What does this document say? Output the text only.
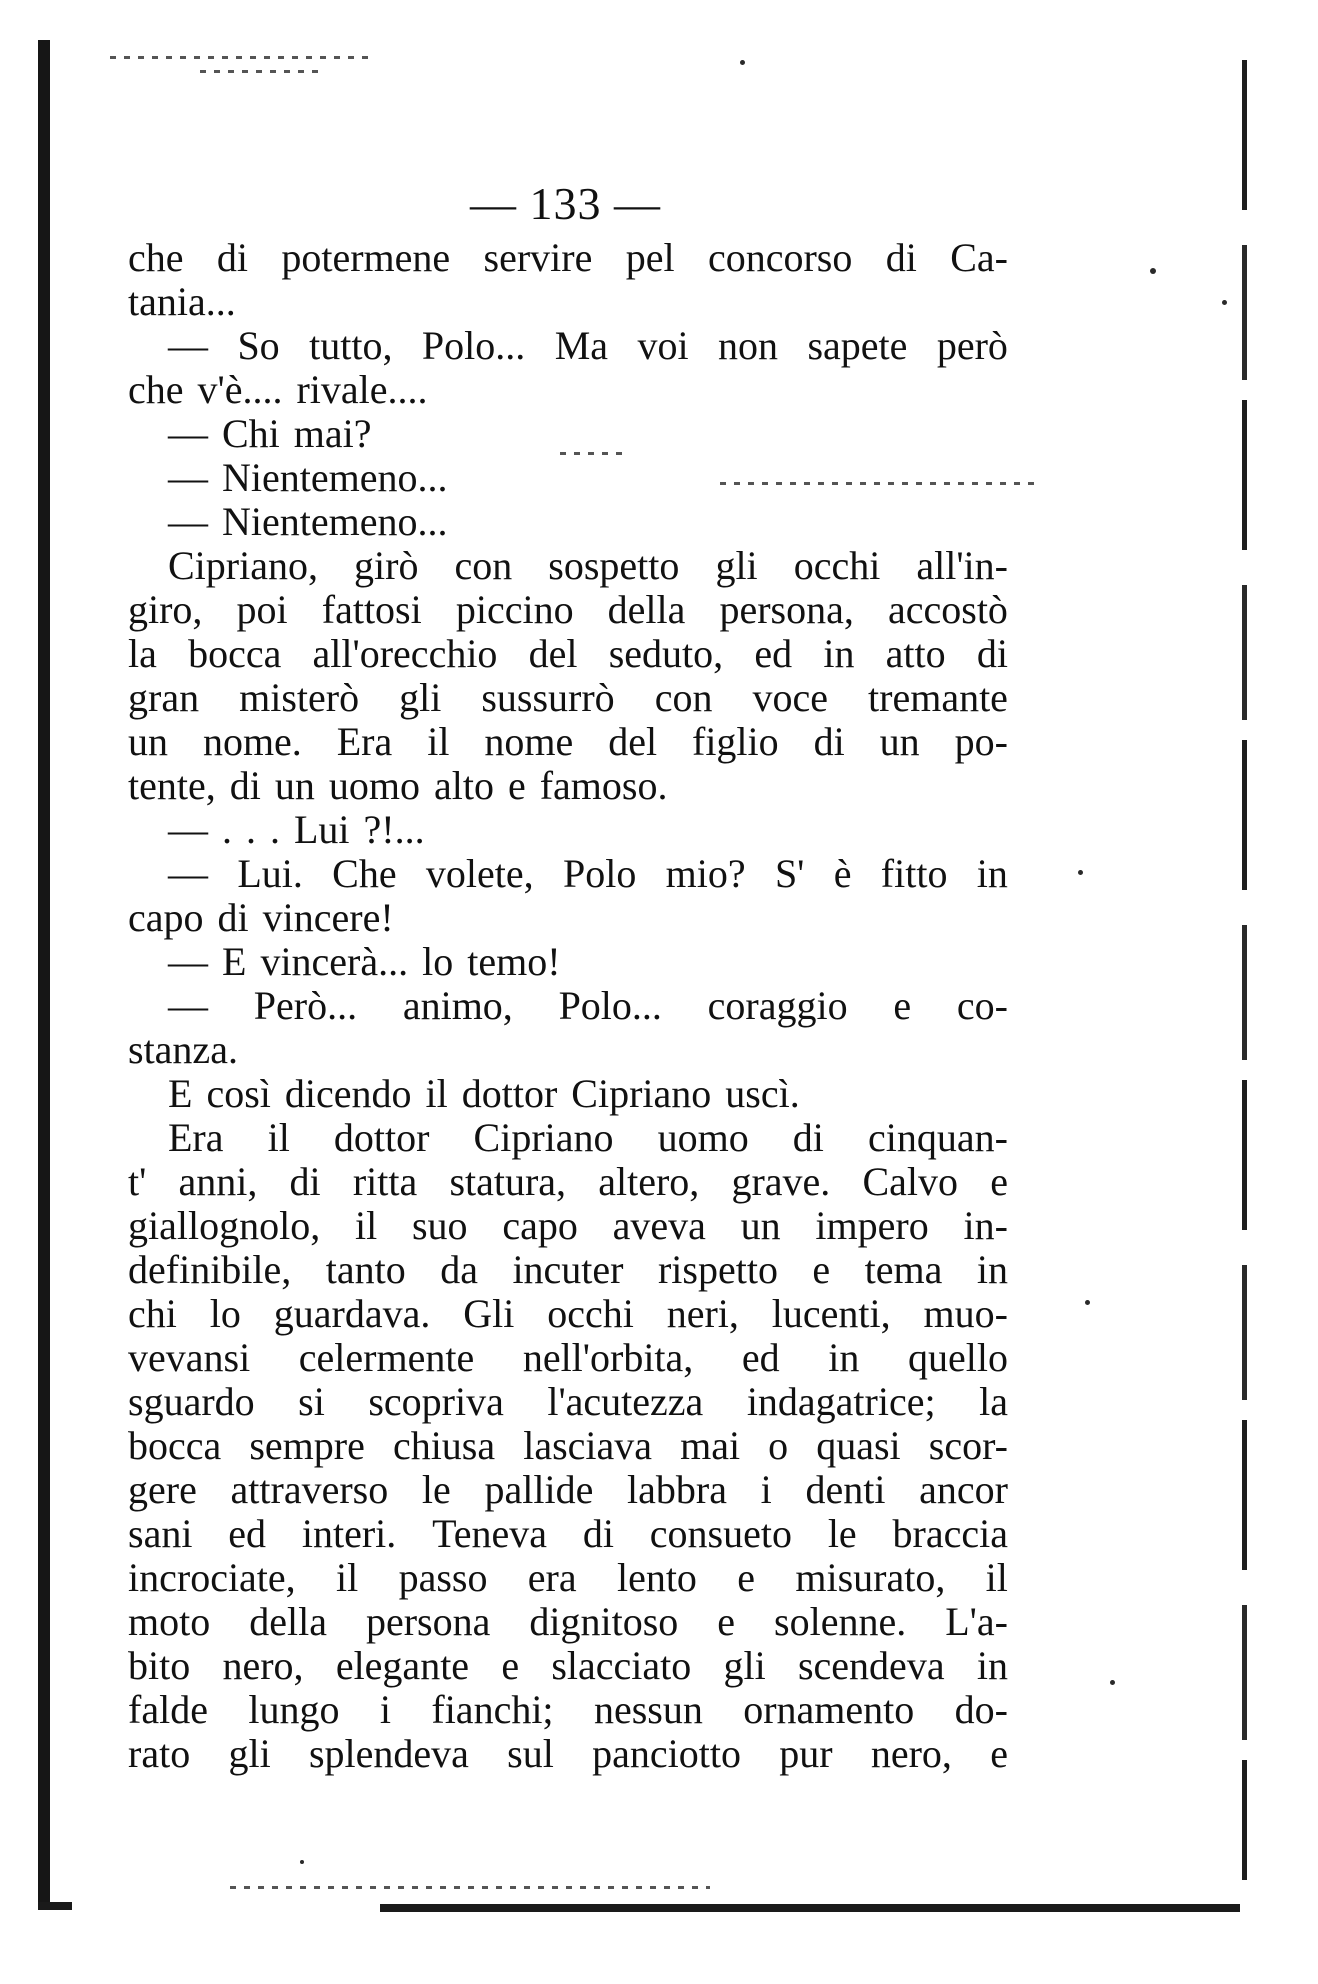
— 133 —
che di potermene servire pel concorso di Ca-
tania...
— So tutto, Polo... Ma voi non sapete però
che v'è.... rivale....
— Chi mai?
— Nientemeno...
— Nientemeno...
Cipriano, girò con sospetto gli occhi all'in-
giro, poi fattosi piccino della persona, accostò
la bocca all'orecchio del seduto, ed in atto di
gran misterò gli sussurrò con voce tremante
un nome. Era il nome del figlio di un po-
tente, di un uomo alto e famoso.
— . . . Lui ?!...
— Lui. Che volete, Polo mio? S' è fitto in
capo di vincere!
— E vincerà... lo temo!
— Però... animo, Polo... coraggio e co-
stanza.
E così dicendo il dottor Cipriano uscì.
Era il dottor Cipriano uomo di cinquan-
t' anni, di ritta statura, altero, grave. Calvo e
giallognolo, il suo capo aveva un impero in-
definibile, tanto da incuter rispetto e tema in
chi lo guardava. Gli occhi neri, lucenti, muo-
vevansi celermente nell'orbita, ed in quello
sguardo si scopriva l'acutezza indagatrice; la
bocca sempre chiusa lasciava mai o quasi scor-
gere attraverso le pallide labbra i denti ancor
sani ed interi. Teneva di consueto le braccia
incrociate, il passo era lento e misurato, il
moto della persona dignitoso e solenne. L'a-
bito nero, elegante e slacciato gli scendeva in
falde lungo i fianchi; nessun ornamento do-
rato gli splendeva sul panciotto pur nero, e
